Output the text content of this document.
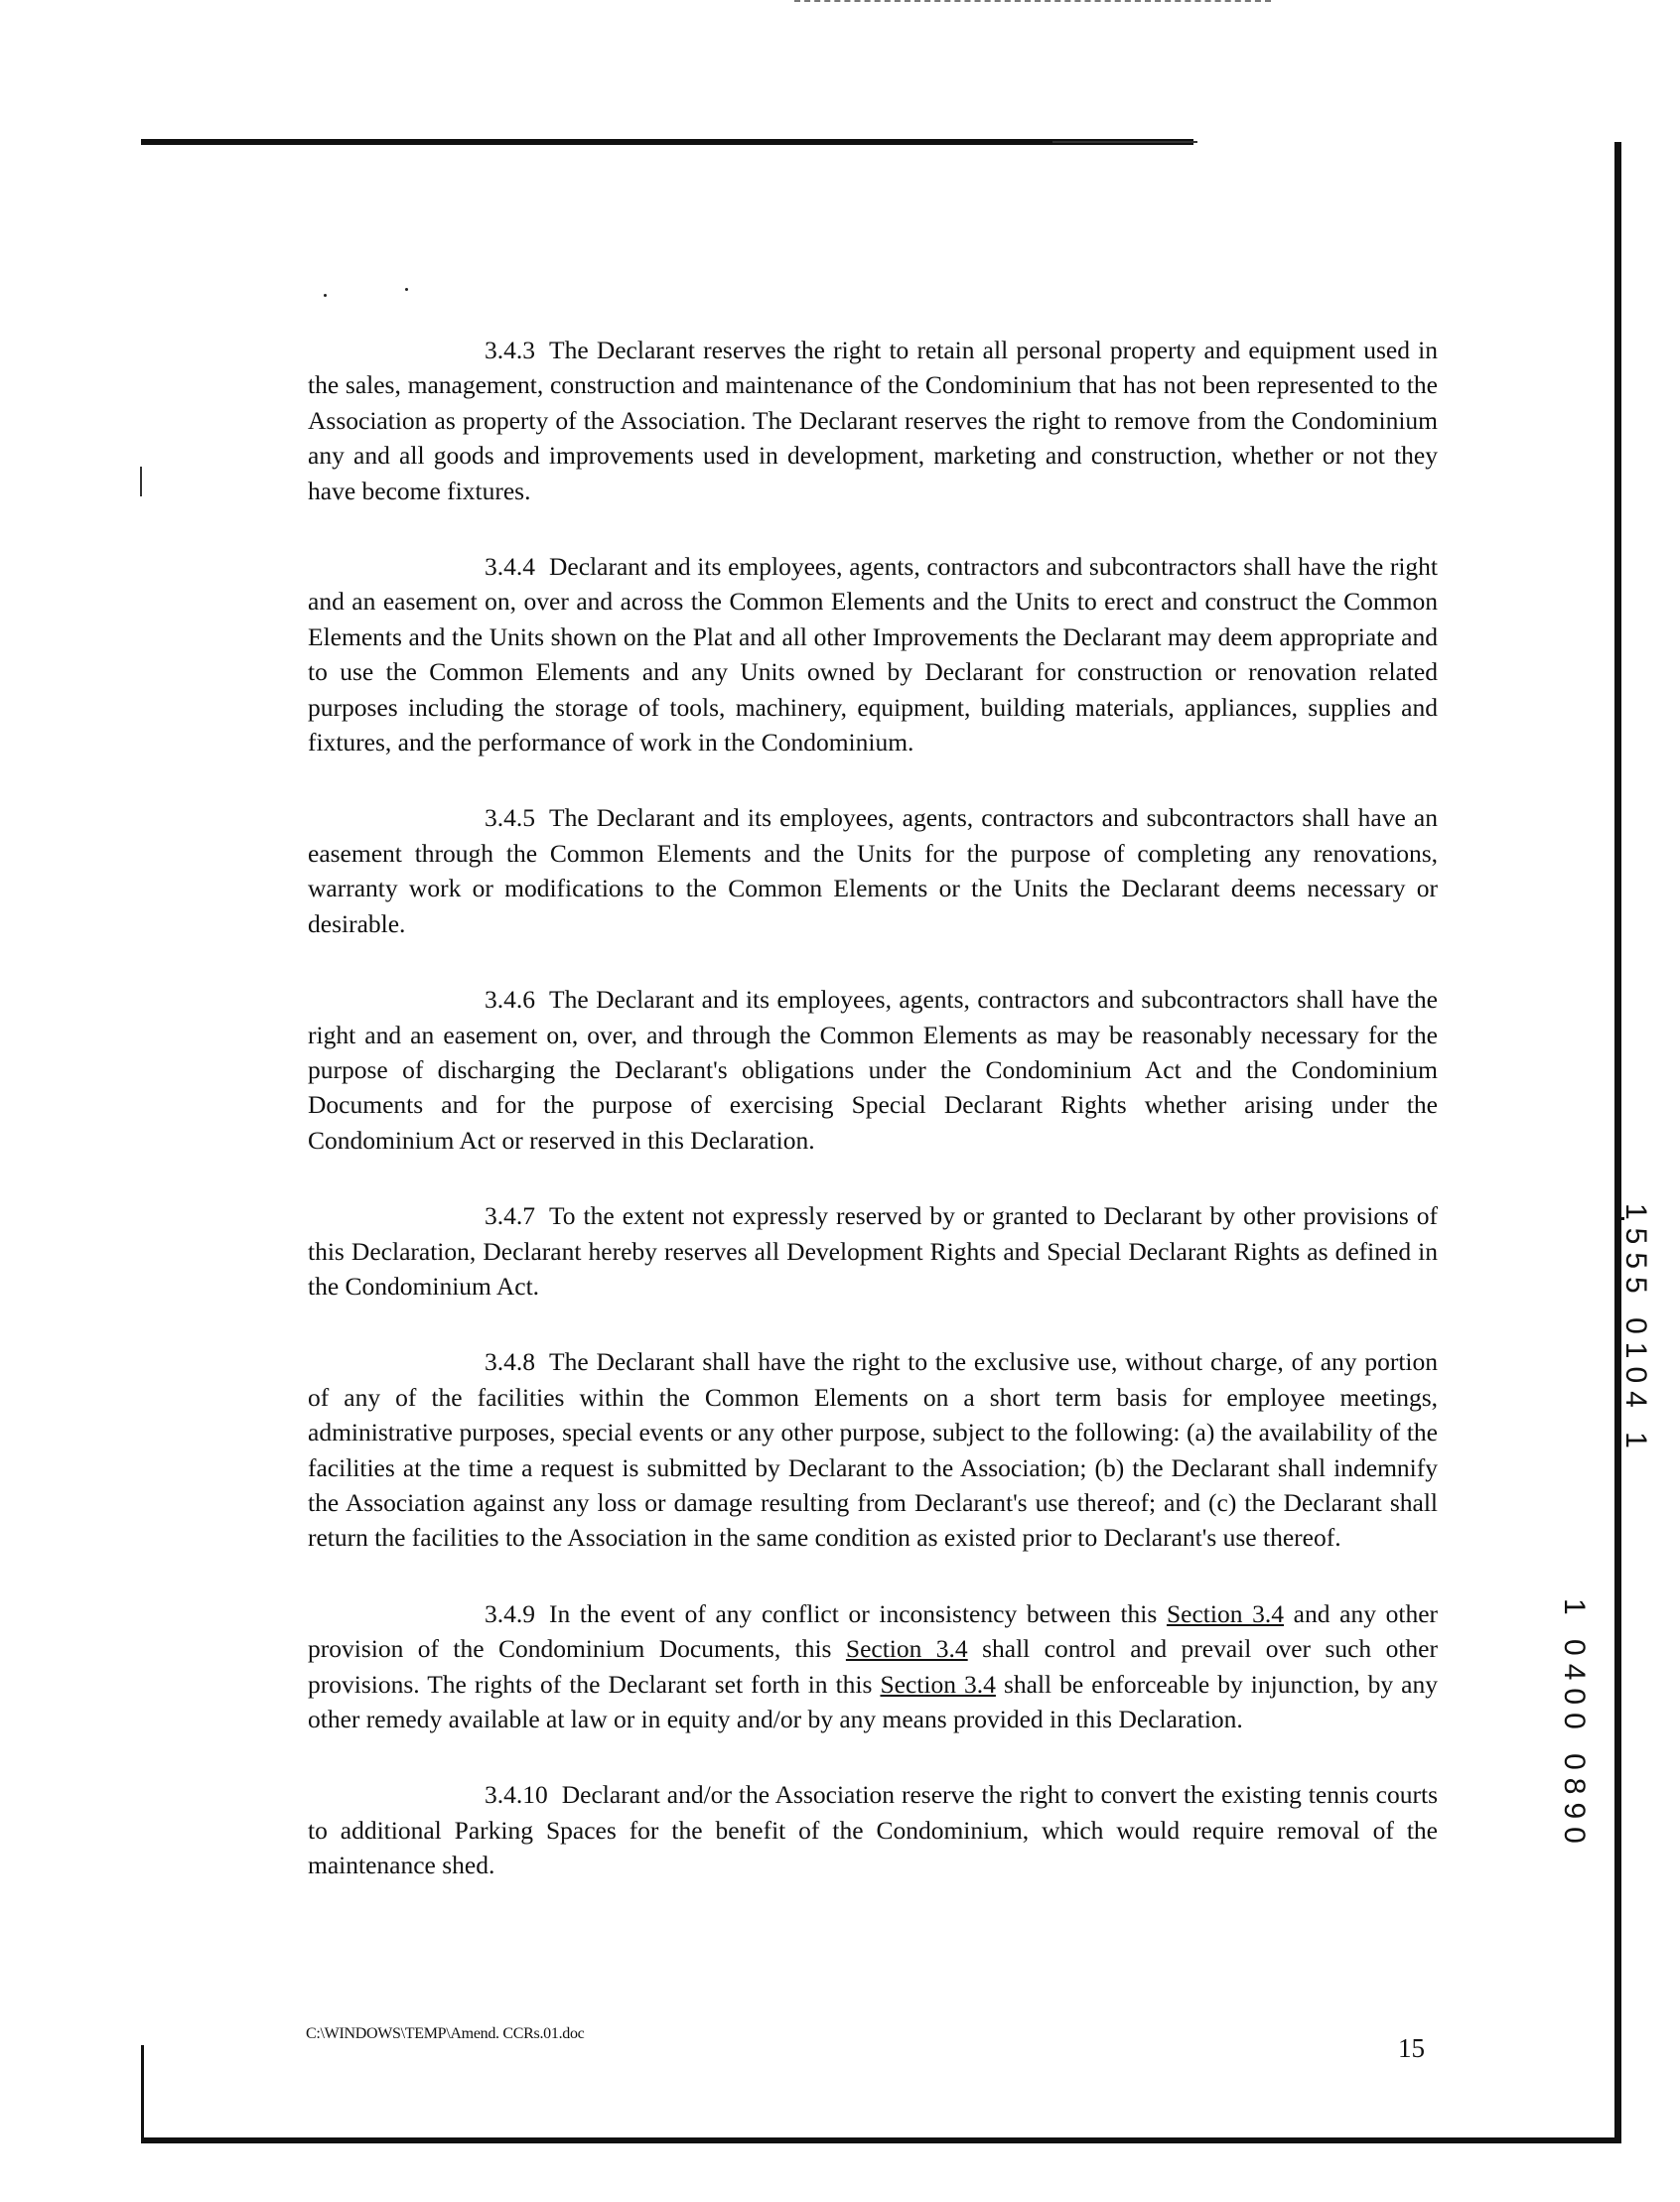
3.4.3 The Declarant reserves the right to retain all personal property and equipment used in the sales, management, construction and maintenance of the Condominium that has not been represented to the Association as property of the Association. The Declarant reserves the right to remove from the Condominium any and all goods and improvements used in development, marketing and construction, whether or not they have become fixtures.

3.4.4 Declarant and its employees, agents, contractors and subcontractors shall have the right and an easement on, over and across the Common Elements and the Units to erect and construct the Common Elements and the Units shown on the Plat and all other Improvements the Declarant may deem appropriate and to use the Common Elements and any Units owned by Declarant for construction or renovation related purposes including the storage of tools, machinery, equipment, building materials, appliances, supplies and fixtures, and the performance of work in the Condominium.

3.4.5 The Declarant and its employees, agents, contractors and subcontractors shall have an easement through the Common Elements and the Units for the purpose of completing any renovations, warranty work or modifications to the Common Elements or the Units the Declarant deems necessary or desirable.

3.4.6 The Declarant and its employees, agents, contractors and subcontractors shall have the right and an easement on, over, and through the Common Elements as may be reasonably necessary for the purpose of discharging the Declarant's obligations under the Condominium Act and the Condominium Documents and for the purpose of exercising Special Declarant Rights whether arising under the Condominium Act or reserved in this Declaration.

3.4.7 To the extent not expressly reserved by or granted to Declarant by other provisions of this Declaration, Declarant hereby reserves all Development Rights and Special Declarant Rights as defined in the Condominium Act.

3.4.8 The Declarant shall have the right to the exclusive use, without charge, of any portion of any of the facilities within the Common Elements on a short term basis for employee meetings, administrative purposes, special events or any other purpose, subject to the following: (a) the availability of the facilities at the time a request is submitted by Declarant to the Association; (b) the Declarant shall indemnify the Association against any loss or damage resulting from Declarant's use thereof; and (c) the Declarant shall return the facilities to the Association in the same condition as existed prior to Declarant's use thereof.

3.4.9 In the event of any conflict or inconsistency between this Section 3.4 and any other provision of the Condominium Documents, this Section 3.4 shall control and prevail over such other provisions. The rights of the Declarant set forth in this Section 3.4 shall be enforceable by injunction, by any other remedy available at law or in equity and/or by any means provided in this Declaration.

3.4.10 Declarant and/or the Association reserve the right to convert the existing tennis courts to additional Parking Spaces for the benefit of the Condominium, which would require removal of the maintenance shed.

C:\WINDOWS\TEMP\Amend. CCRs.01.doc	15
1555 0104 1
1 0400 0890
